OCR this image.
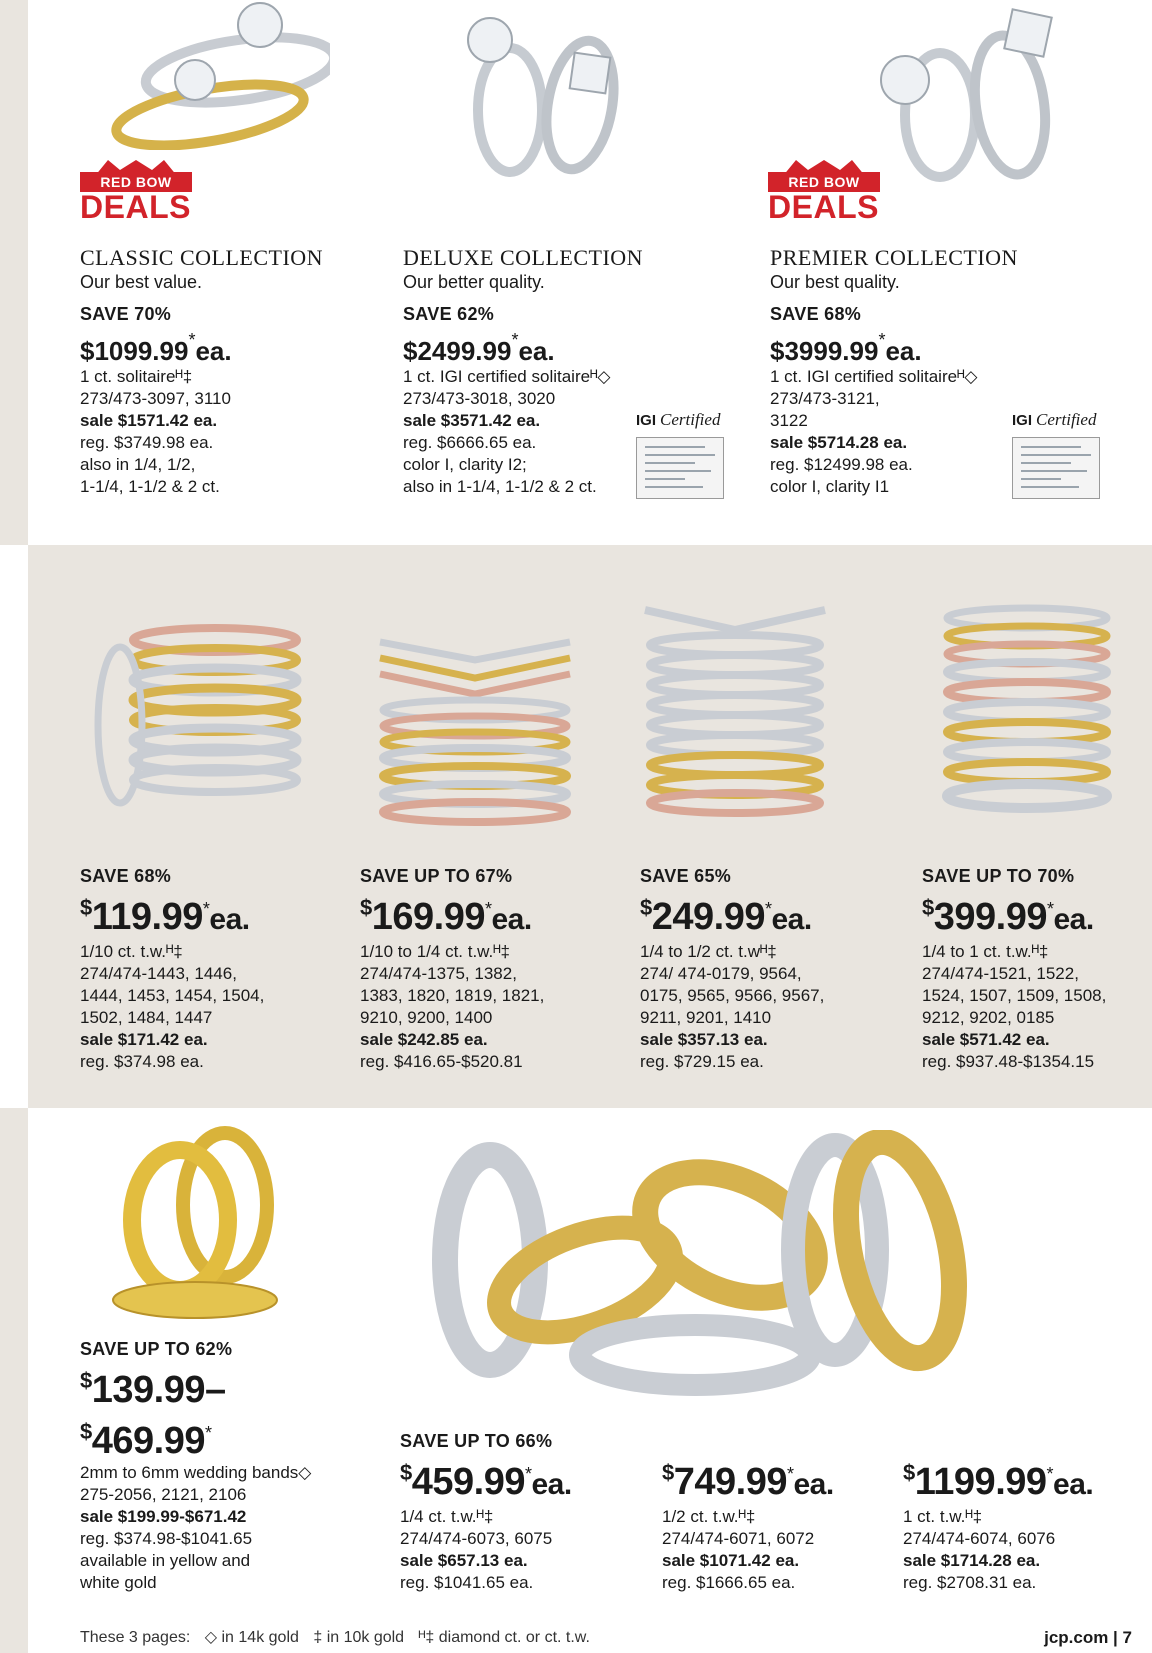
RED BOW
DEALS
RED BOW
DEALS
CLASSIC COLLECTION
Our best value.
SAVE 70%
$1099.99*ea.
1 ct. solitaireᴴ‡
273/473-3097, 3110
sale $1571.42 ea.
reg. $3749.98 ea.
also in 1/4, 1/2,
1-1/4, 1-1/2 & 2 ct.
DELUXE COLLECTION
Our better quality.
SAVE 62%
$2499.99*ea.
1 ct. IGI certified solitaireᴴ◇
273/473-3018, 3020
sale $3571.42 ea.
reg. $6666.65 ea.
color I, clarity I2;
also in 1-1/4, 1-1/2 & 2 ct.
IGI Certified
PREMIER COLLECTION
Our best quality.
SAVE 68%
$3999.99*ea.
1 ct. IGI certified solitaireᴴ◇
273/473-3121,
3122
sale $5714.28 ea.
reg. $12499.98 ea.
color I, clarity I1
IGI Certified
SAVE 68%
$119.99*ea.
1/10 ct. t.w.ᴴ‡
274/474-1443, 1446,
1444, 1453, 1454, 1504,
1502, 1484, 1447
sale $171.42 ea.
reg. $374.98 ea.
SAVE UP TO 67%
$169.99*ea.
1/10 to 1/4 ct. t.w.ᴴ‡
274/474-1375, 1382,
1383, 1820, 1819, 1821,
9210, 9200, 1400
sale $242.85 ea.
reg. $416.65-$520.81
SAVE 65%
$249.99*ea.
1/4 to 1/2 ct. t.wᴴ‡
274/ 474-0179, 9564,
0175, 9565, 9566, 9567,
9211, 9201, 1410
sale $357.13 ea.
reg. $729.15 ea.
SAVE UP TO 70%
$399.99*ea.
1/4 to 1 ct. t.w.ᴴ‡
274/474-1521, 1522,
1524, 1507, 1509, 1508,
9212, 9202, 0185
sale $571.42 ea.
reg. $937.48-$1354.15
SAVE UP TO 62%
$139.99–
$469.99*
2mm to 6mm wedding bands◇
275-2056, 2121, 2106
sale $199.99-$671.42
reg. $374.98-$1041.65
available in yellow and
white gold
SAVE UP TO 66%
$459.99*ea.
1/4 ct. t.w.ᴴ‡
274/474-6073, 6075
sale $657.13 ea.
reg. $1041.65 ea.
$749.99*ea.
1/2 ct. t.w.ᴴ‡
274/474-6071, 6072
sale $1071.42 ea.
reg. $1666.65 ea.
$1199.99*ea.
1 ct. t.w.ᴴ‡
274/474-6074, 6076
sale $1714.28 ea.
reg. $2708.31 ea.
These 3 pages: ◇ in 14k gold ‡ in 10k gold ᴴ‡ diamond ct. or ct. t.w.	jcp.com | 7
